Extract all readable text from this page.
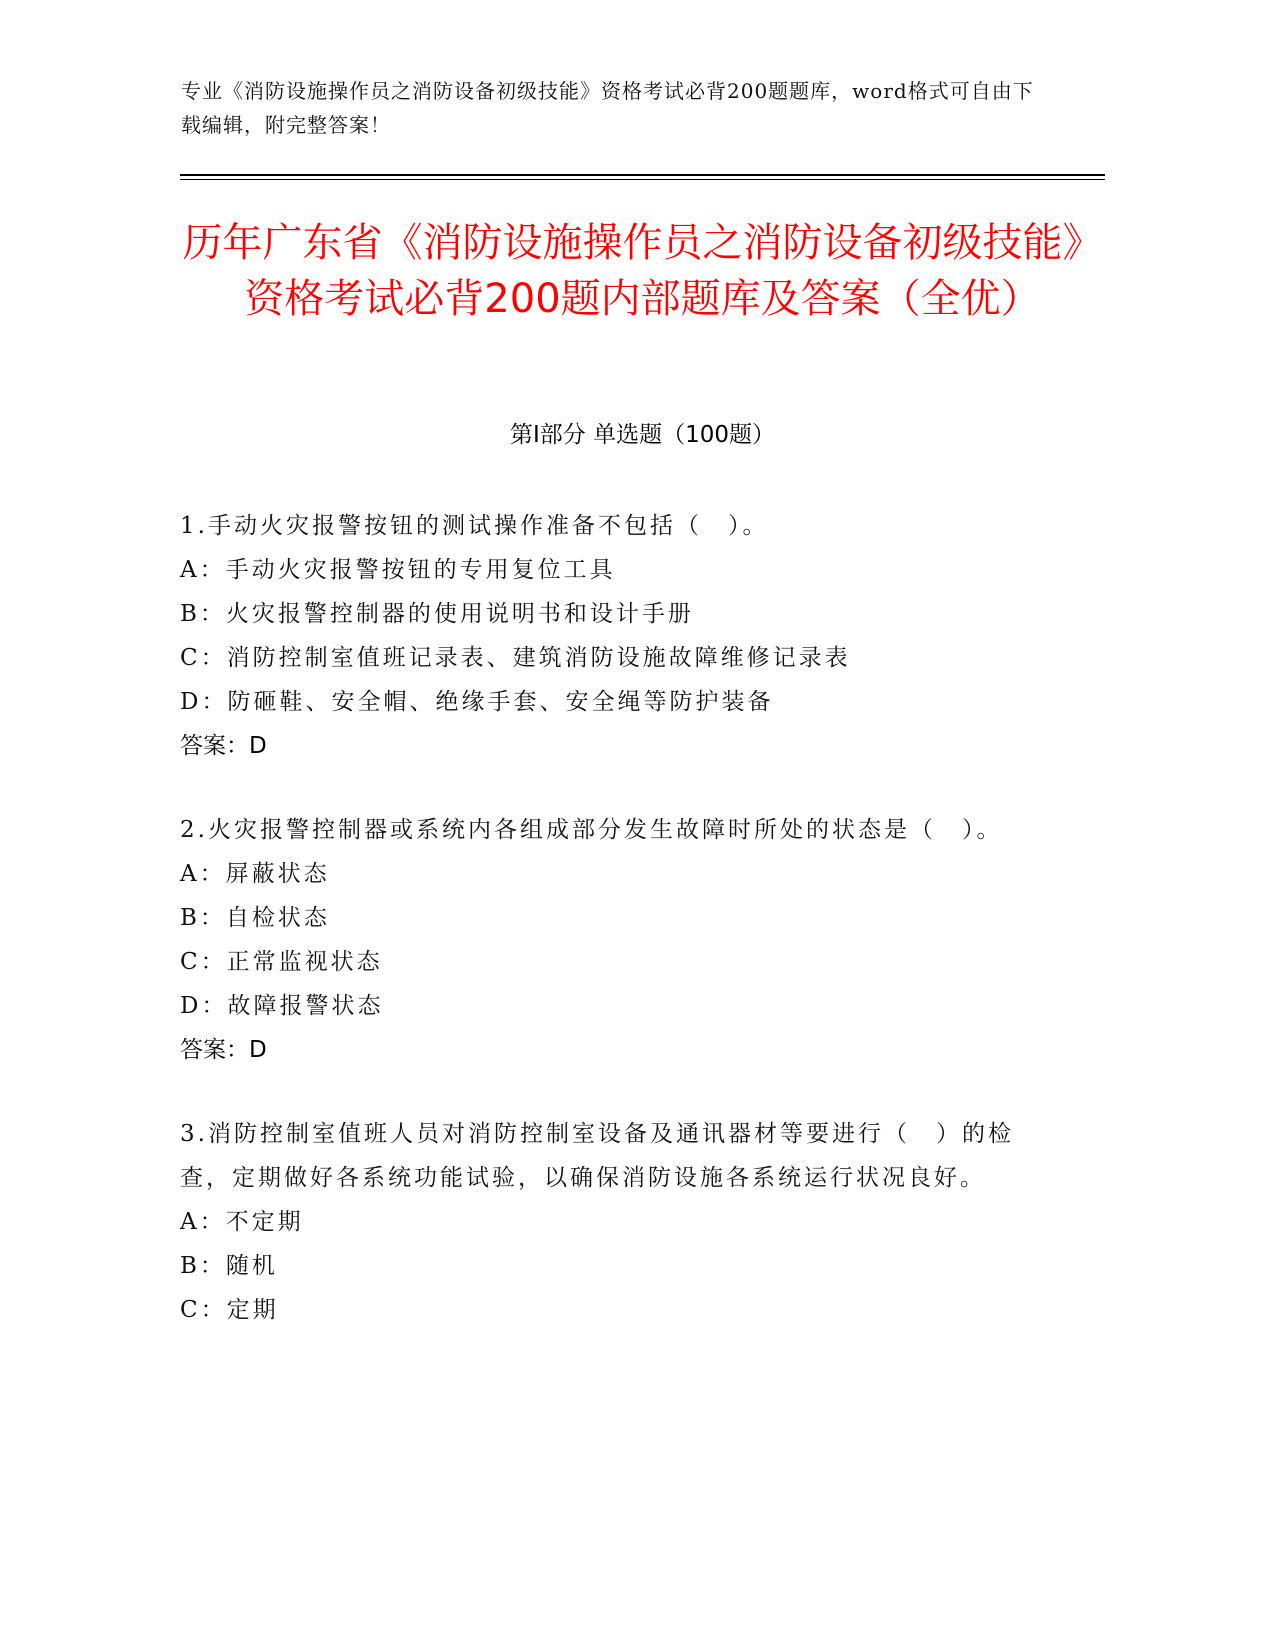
专业《消防设施操作员之消防设备初级技能》资格考试必背200题题库，word格式可自由下载编辑，附完整答案！
历年广东省《消防设施操作员之消防设备初级技能》资格考试必背200题内部题库及答案（全优）
第Ⅰ部分 单选题（100题）
1.手动火灾报警按钮的测试操作准备不包括（　）。
A：手动火灾报警按钮的专用复位工具
B：火灾报警控制器的使用说明书和设计手册
C：消防控制室值班记录表、建筑消防设施故障维修记录表
D：防砸鞋、安全帽、绝缘手套、安全绳等防护装备
答案：D
2.火灾报警控制器或系统内各组成部分发生故障时所处的状态是（　）。
A：屏蔽状态
B：自检状态
C：正常监视状态
D：故障报警状态
答案：D
3.消防控制室值班人员对消防控制室设备及通讯器材等要进行（　）的检查，定期做好各系统功能试验，以确保消防设施各系统运行状况良好。
A：不定期
B：随机
C：定期
